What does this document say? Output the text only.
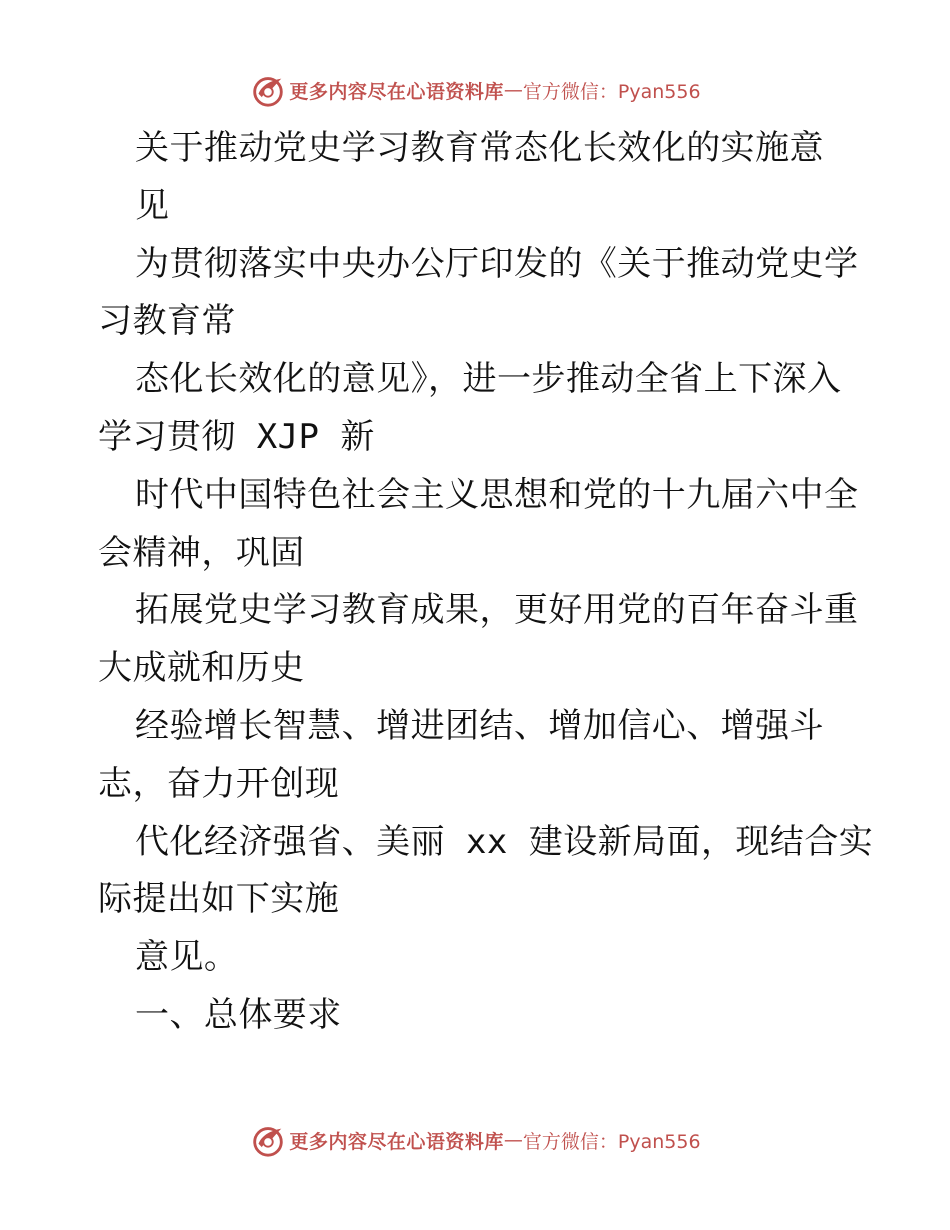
更多内容尽在心语资料库 — 官方微信：Pyan556
关于推动党史学习教育常态化长效化的实施意
见
为贯彻落实中央办公厅印发的《关于推动党史学
习教育常
态化长效化的意见》，进一步推动全省上下深入
学习贯彻 XJP 新
时代中国特色社会主义思想和党的十九届六中全
会精神，巩固
拓展党史学习教育成果，更好用党的百年奋斗重
大成就和历史
经验增长智慧、增进团结、增加信心、增强斗
志，奋力开创现
代化经济强省、美丽 xx 建设新局面，现结合实
际提出如下实施
意见。
一、总体要求
更多内容尽在心语资料库 — 官方微信：Pyan556
